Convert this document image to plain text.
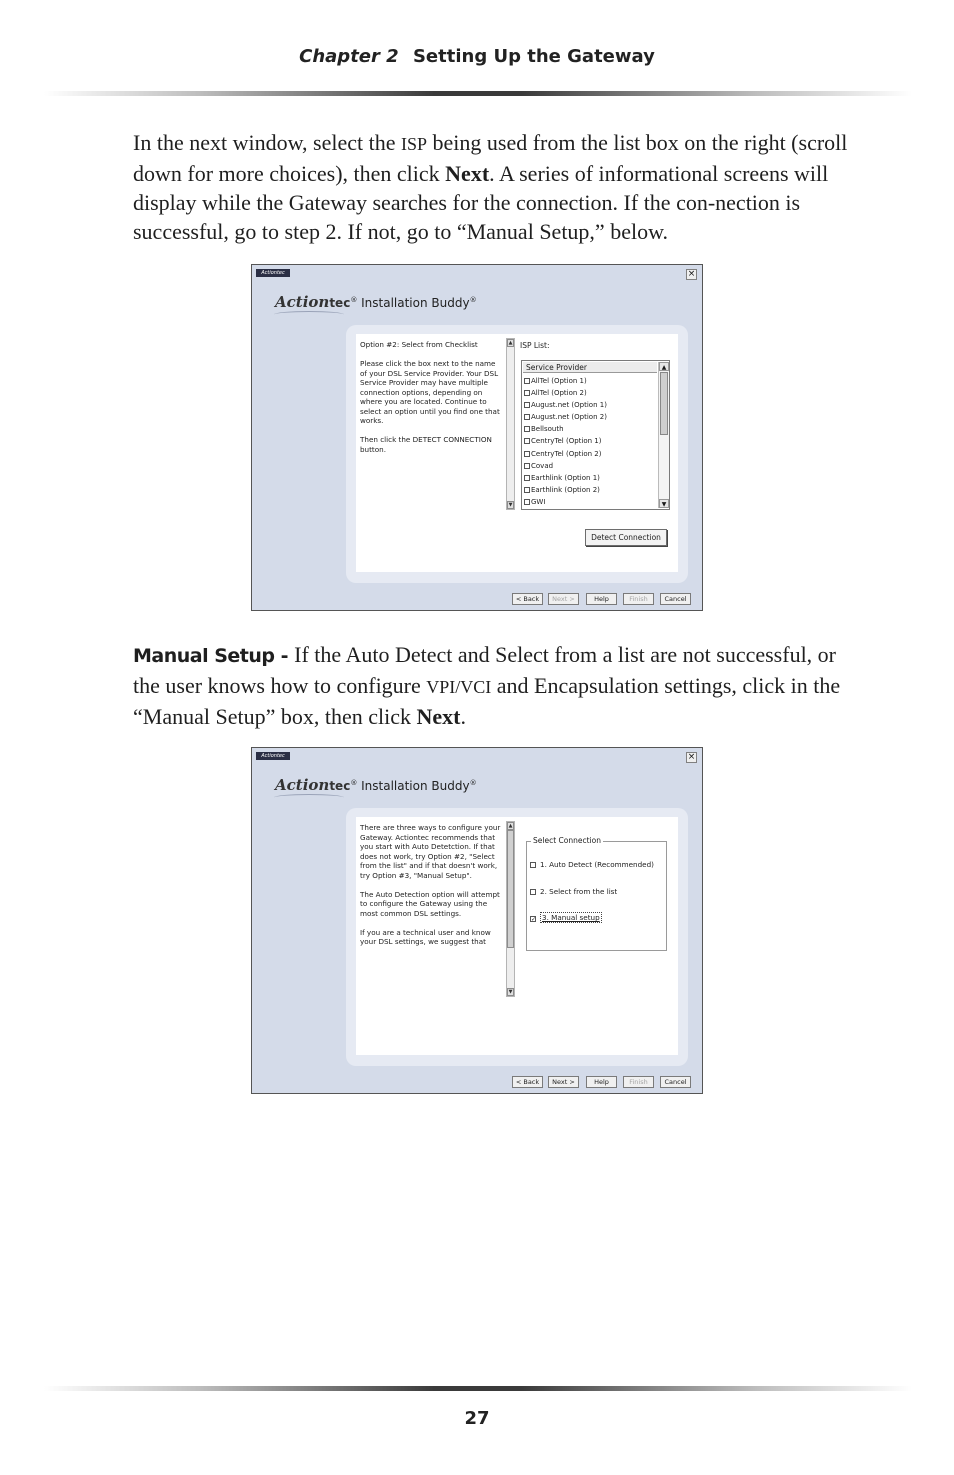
Chapter 2 Setting Up the Gateway
In the next window, select the ISP being used from the list box on the right (scroll down for more choices), then click Next. A series of informational screens will display while the Gateway searches for the connection. If the con-nection is successful, go to step 2. If not, go to “Manual Setup,” below.
Actiontec	×
Actiontec® Installation Buddy®
Option #2: Select from Checklist

Please click the box next to the name of your DSL Service Provider. Your DSL Service Provider may have multiple connection options, depending on where you are located. Continue to select an option until you find one that works.

Then click the DETECT CONNECTION button.
▲
▼
ISP List:
Service Provider
AllTel (Option 1)
AllTel (Option 2)
August.net (Option 1)
August.net (Option 2)
Bellsouth
CentryTel (Option 1)
CentryTel (Option 2)
Covad
Earthlink (Option 1)
Earthlink (Option 2)
GWI
▲
▼
Detect Connection
< Back	Next >	Help	Finish	Cancel
Manual Setup - If the Auto Detect and Select from a list are not successful, or the user knows how to configure VPI/VCI and Encapsulation settings, click in the “Manual Setup” box, then click Next.
Actiontec	×
Actiontec® Installation Buddy®
There are three ways to configure your Gateway. Actiontec recommends that you start with Auto Detetction. If that does not work, try Option #2, "Select from the list" and if that doesn't work, try Option #3, "Manual Setup".

The Auto Detection option will attempt to configure the Gateway using the most common DSL settings.

If you are a technical user and know your DSL settings, we suggest that
▲
▼
Select Connection
1. Auto Detect (Recommended)
2. Select from the list
✓ 3. Manual setup
< Back	Next >	Help	Finish	Cancel
27
